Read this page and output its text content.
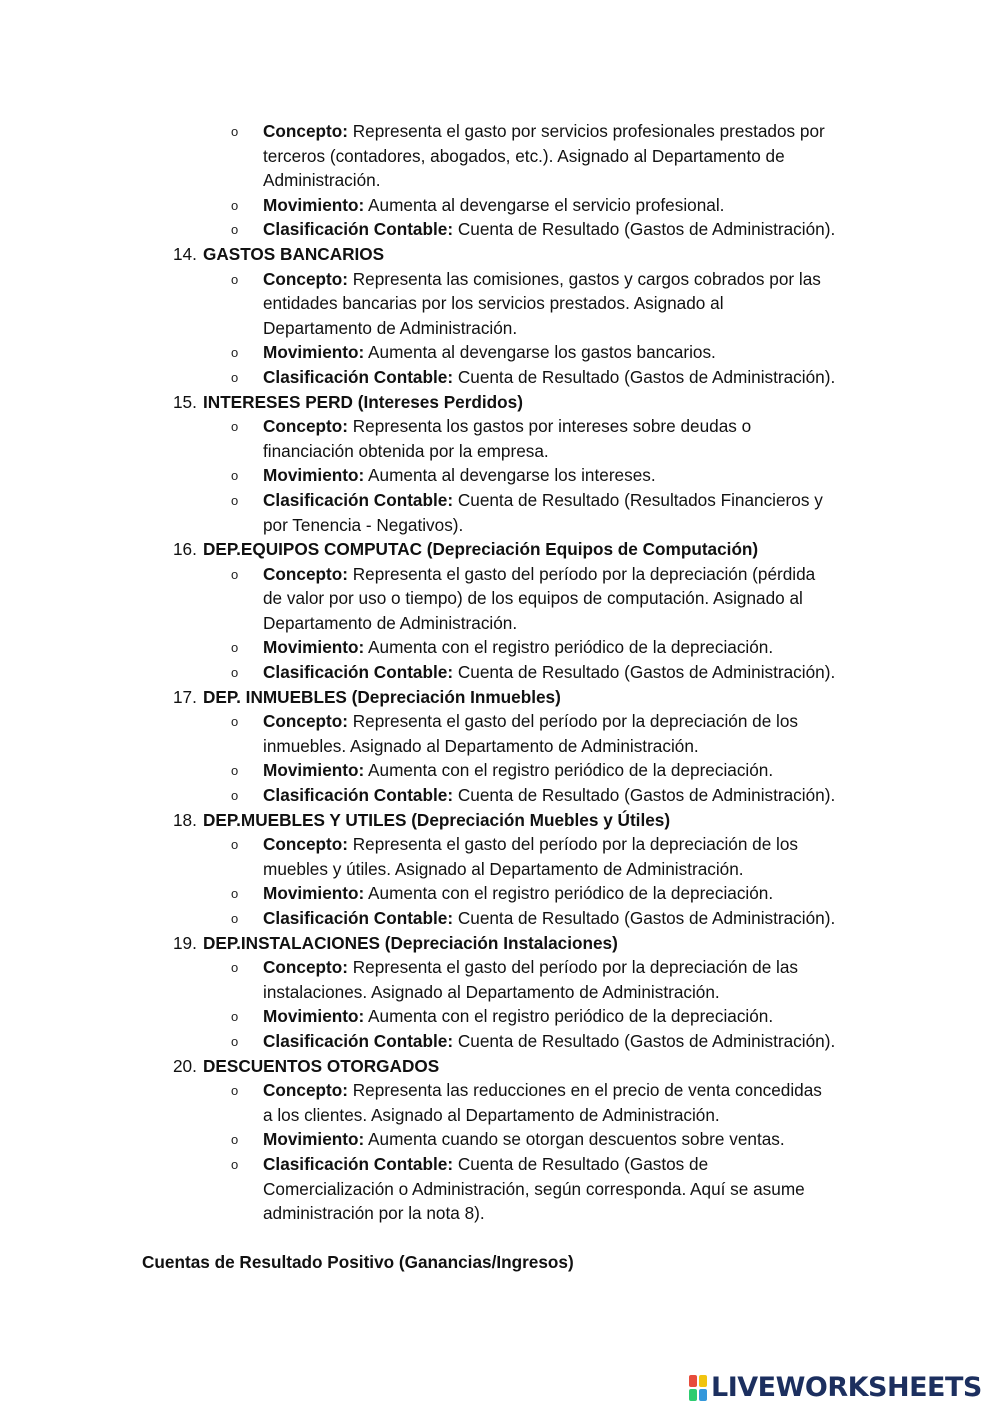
o Concepto: Representa el gasto por servicios profesionales prestados por
terceros (contadores, abogados, etc.). Asignado al Departamento de
Administración.
o Movimiento: Aumenta al devengarse el servicio profesional.
o Clasificación Contable: Cuenta de Resultado (Gastos de Administración).
14. GASTOS BANCARIOS
o Concepto: Representa las comisiones, gastos y cargos cobrados por las
entidades bancarias por los servicios prestados. Asignado al
Departamento de Administración.
o Movimiento: Aumenta al devengarse los gastos bancarios.
o Clasificación Contable: Cuenta de Resultado (Gastos de Administración).
15. INTERESES PERD (Intereses Perdidos)
o Concepto: Representa los gastos por intereses sobre deudas o
financiación obtenida por la empresa.
o Movimiento: Aumenta al devengarse los intereses.
o Clasificación Contable: Cuenta de Resultado (Resultados Financieros y
por Tenencia - Negativos).
16. DEP.EQUIPOS COMPUTAC (Depreciación Equipos de Computación)
o Concepto: Representa el gasto del período por la depreciación (pérdida
de valor por uso o tiempo) de los equipos de computación. Asignado al
Departamento de Administración.
o Movimiento: Aumenta con el registro periódico de la depreciación.
o Clasificación Contable: Cuenta de Resultado (Gastos de Administración).
17. DEP. INMUEBLES (Depreciación Inmuebles)
o Concepto: Representa el gasto del período por la depreciación de los
inmuebles. Asignado al Departamento de Administración.
o Movimiento: Aumenta con el registro periódico de la depreciación.
o Clasificación Contable: Cuenta de Resultado (Gastos de Administración).
18. DEP.MUEBLES Y UTILES (Depreciación Muebles y Útiles)
o Concepto: Representa el gasto del período por la depreciación de los
muebles y útiles. Asignado al Departamento de Administración.
o Movimiento: Aumenta con el registro periódico de la depreciación.
o Clasificación Contable: Cuenta de Resultado (Gastos de Administración).
19. DEP.INSTALACIONES (Depreciación Instalaciones)
o Concepto: Representa el gasto del período por la depreciación de las
instalaciones. Asignado al Departamento de Administración.
o Movimiento: Aumenta con el registro periódico de la depreciación.
o Clasificación Contable: Cuenta de Resultado (Gastos de Administración).
20. DESCUENTOS OTORGADOS
o Concepto: Representa las reducciones en el precio de venta concedidas
a los clientes. Asignado al Departamento de Administración.
o Movimiento: Aumenta cuando se otorgan descuentos sobre ventas.
o Clasificación Contable: Cuenta de Resultado (Gastos de
Comercialización o Administración, según corresponda. Aquí se asume
administración por la nota 8).
Cuentas de Resultado Positivo (Ganancias/Ingresos)
LIVEWORKSHEETS
